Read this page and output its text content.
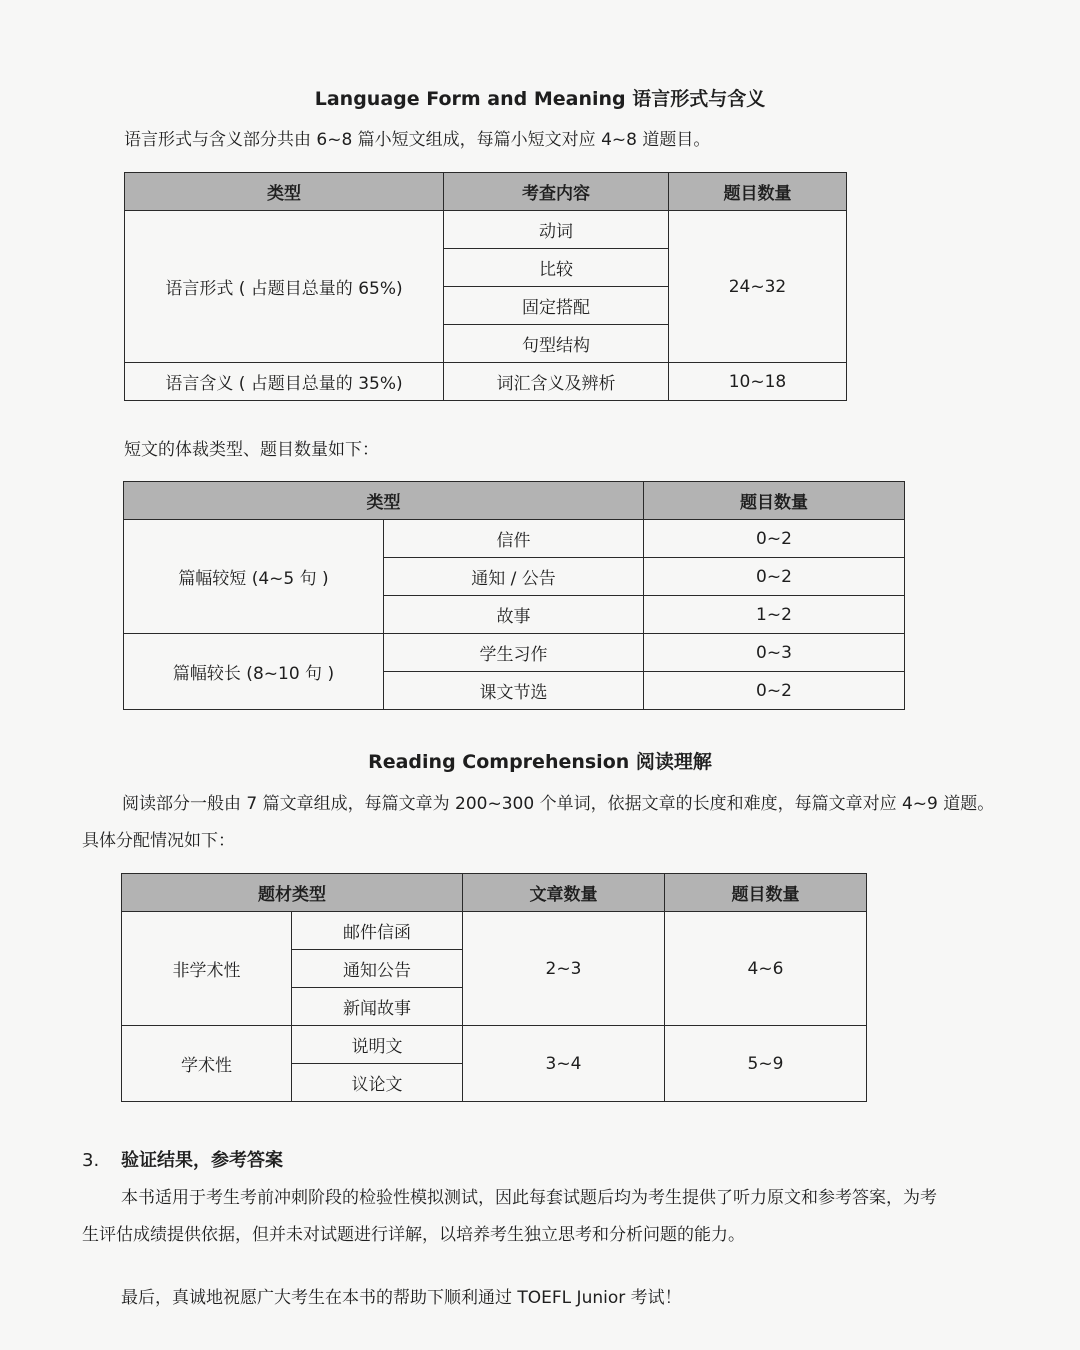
Language Form and Meaning 语言形式与含义
语言形式与含义部分共由 6~8 篇小短文组成，每篇小短文对应 4~8 道题目。
类型	考查内容	题目数量
语言形式 ( 占题目总量的 65%)	动词	24~32
	比较	
	固定搭配	
	句型结构	
语言含义 ( 占题目总量的 35%)	词汇含义及辨析	10~18
短文的体裁类型、题目数量如下：
类型		题目数量
篇幅较短 (4~5 句 )	信件	0~2
	通知 / 公告	0~2
	故事	1~2
篇幅较长 (8~10 句 )	学生习作	0~3
	课文节选	0~2
Reading Comprehension 阅读理解
阅读部分一般由 7 篇文章组成，每篇文章为 200~300 个单词，依据文章的长度和难度，每篇文章对应 4~9 道题。
具体分配情况如下：
题材类型		文章数量	题目数量
非学术性	邮件信函	2~3	4~6
	通知公告		
	新闻故事		
学术性	说明文	3~4	5~9
	议论文		
3. 验证结果，参考答案
本书适用于考生考前冲刺阶段的检验性模拟测试，因此每套试题后均为考生提供了听力原文和参考答案，为考
生评估成绩提供依据，但并未对试题进行详解，以培养考生独立思考和分析问题的能力。
最后，真诚地祝愿广大考生在本书的帮助下顺利通过 TOEFL Junior 考试！
